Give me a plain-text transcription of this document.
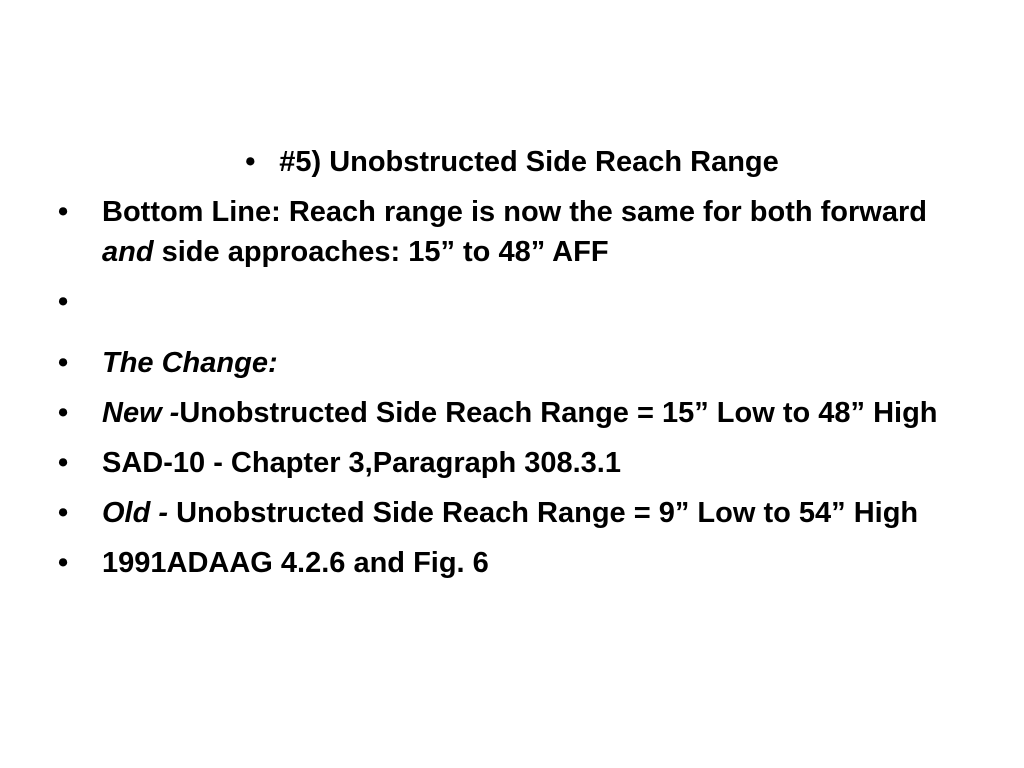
• #5) Unobstructed Side Reach Range
•	Bottom Line: Reach range is now the same for both forward and side approaches: 15” to 48” AFF
•
•	The Change:
•	New -Unobstructed Side Reach Range = 15” Low to 48” High
•	SAD-10 - Chapter 3,Paragraph 308.3.1
•	Old - Unobstructed Side Reach Range = 9” Low to 54” High
•	1991ADAAG 4.2.6 and Fig. 6
